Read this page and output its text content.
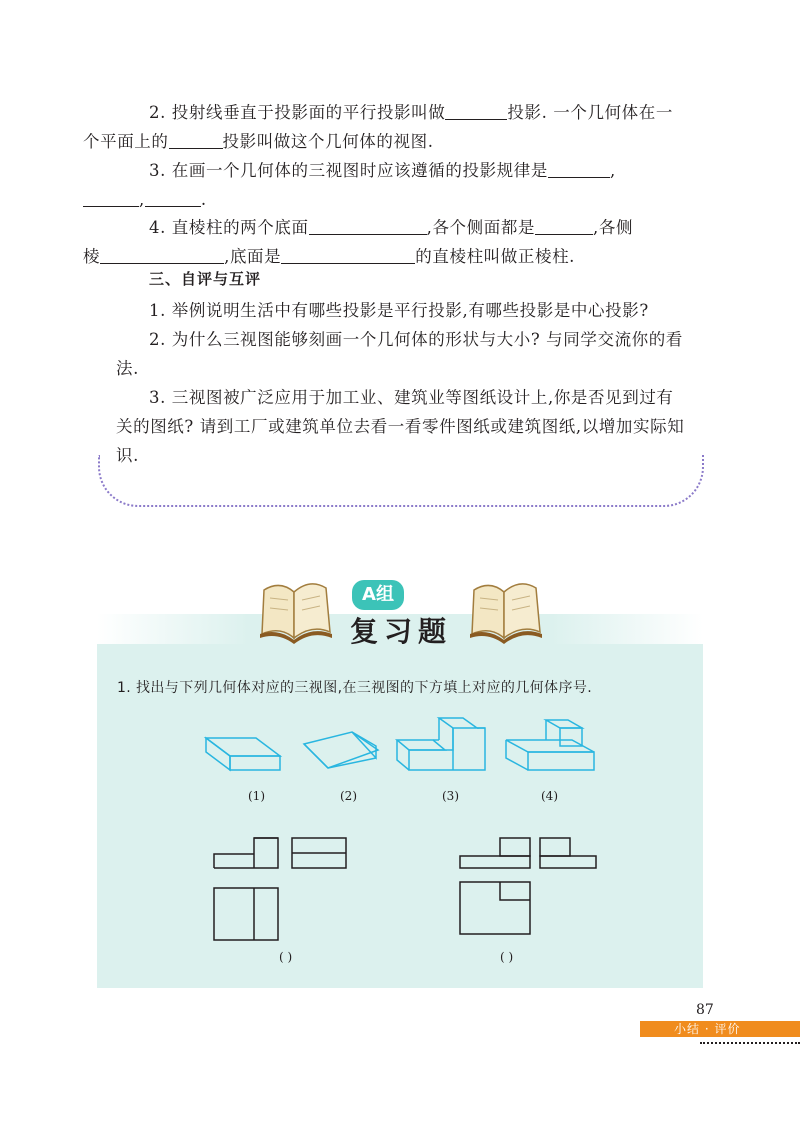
2. 投射线垂直于投影面的平行投影叫做	投影. 一个几何体在一
个平面上的	投影叫做这个几何体的视图.

3. 在画一个几何体的三视图时应该遵循的投影规律是	,
,	.

4. 直棱柱的两个底面	,各个侧面都是	,各侧
棱	,底面是	的直棱柱叫做正棱柱.

三、自评与互评

1. 举例说明生活中有哪些投影是平行投影,有哪些投影是中心投影?

2. 为什么三视图能够刻画一个几何体的形状与大小? 与同学交流你的看法.

3. 三视图被广泛应用于加工业、建筑业等图纸设计上,你是否见到过有关的图纸? 请到工厂或建筑单位去看一看零件图纸或建筑图纸,以增加实际知识.

A组
复习题
1. 找出与下列几何体对应的三视图,在三视图的下方填上对应的几何体序号.
(1)	(2)	(3)	(4)
( )	( )
87
小结 · 评价
